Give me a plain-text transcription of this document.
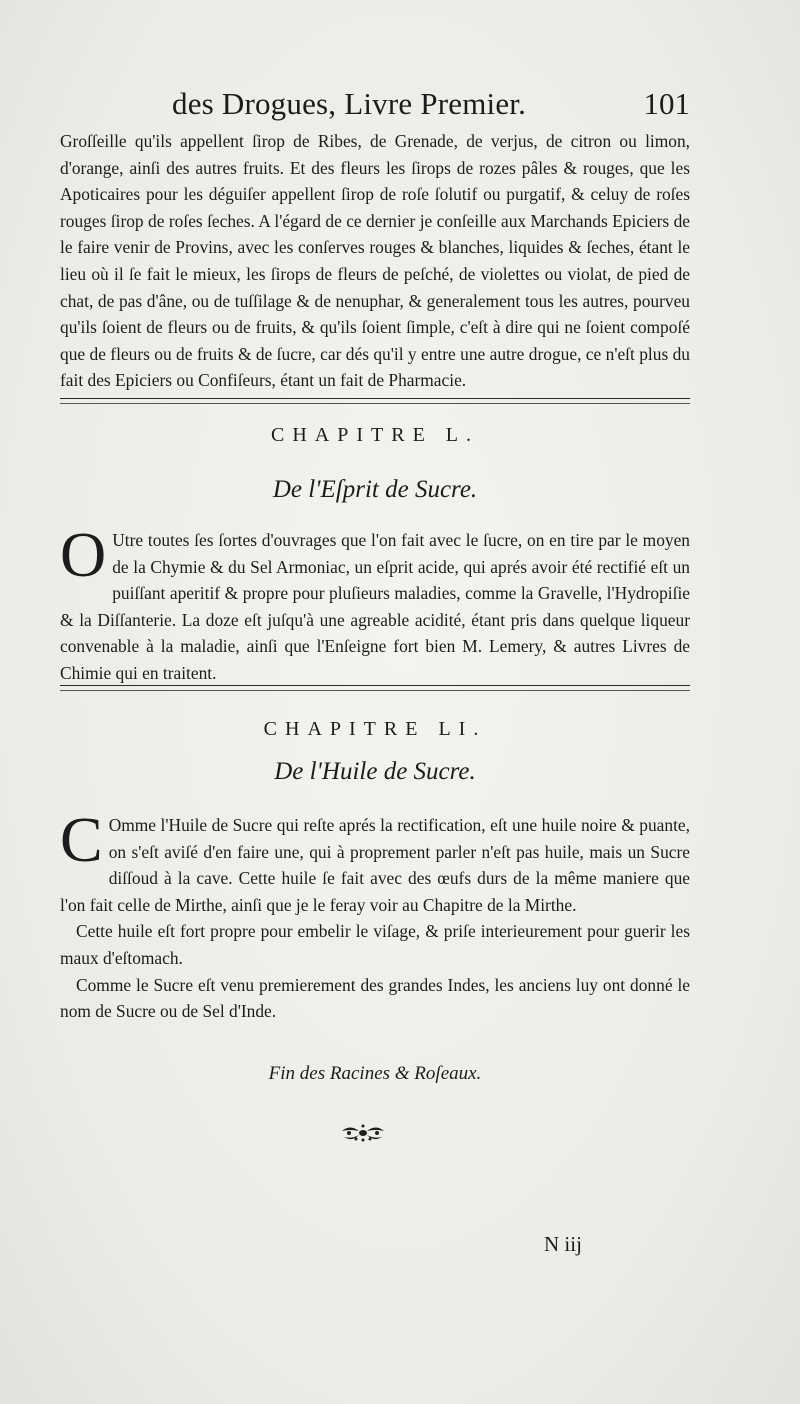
des Drogues, Livre Premier.	101
Groſſeille qu'ils appellent ſirop de Ribes, de Grenade, de verjus, de citron ou limon, d'orange, ainſi des autres fruits. Et des fleurs les ſirops de rozes pâles & rouges, que les Apoticaires pour les déguiſer appellent ſirop de roſe ſolutif ou purgatif, & celuy de roſes rouges ſirop de roſes ſeches. A l'égard de ce dernier je conſeille aux Marchands Epiciers de le faire venir de Provins, avec les conſerves rouges & blanches, liquides & ſeches, étant le lieu où il ſe fait le mieux, les ſirops de fleurs de peſché, de violettes ou violat, de pied de chat, de pas d'âne, ou de tuſſilage & de nenuphar, & generalement tous les autres, pourveu qu'ils ſoient de fleurs ou de fruits, & qu'ils ſoient ſimple, c'eſt à dire qui ne ſoient compoſé que de fleurs ou de fruits & de ſucre, car dés qu'il y entre une autre drogue, ce n'eſt plus du fait des Epiciers ou Confiſeurs, étant un fait de Pharmacie.
CHAPITRE L.
De l'Eſprit de Sucre.
O Utre toutes ſes ſortes d'ouvrages que l'on fait avec le ſucre, on en tire par le moyen de la Chymie & du Sel Armoniac, un eſprit acide, qui aprés avoir été rectifié eſt un puiſſant aperitif & propre pour pluſieurs maladies, comme la Gravelle, l'Hydropiſie & la Diſſanterie. La doze eſt juſqu'à une agreable acidité, étant pris dans quelque liqueur convenable à la maladie, ainſi que l'Enſeigne fort bien M. Lemery, & autres Livres de Chimie qui en traitent.

CHAPITRE LI.
De l'Huile de Sucre.
C Omme l'Huile de Sucre qui reſte aprés la rectification, eſt une huile noire & puante, on s'eſt aviſé d'en faire une, qui à proprement parler n'eſt pas huile, mais un Sucre diſſoud à la cave. Cette huile ſe fait avec des œufs durs de la même maniere que l'on fait celle de Mirthe, ainſi que je le feray voir au Chapitre de la Mirthe.

Cette huile eſt fort propre pour embelir le viſage, & priſe interieurement pour guerir les maux d'eſtomach.

Comme le Sucre eſt venu premierement des grandes Indes, les anciens luy ont donné le nom de Sucre ou de Sel d'Inde.

Fin des Racines & Roſeaux.
N iij
